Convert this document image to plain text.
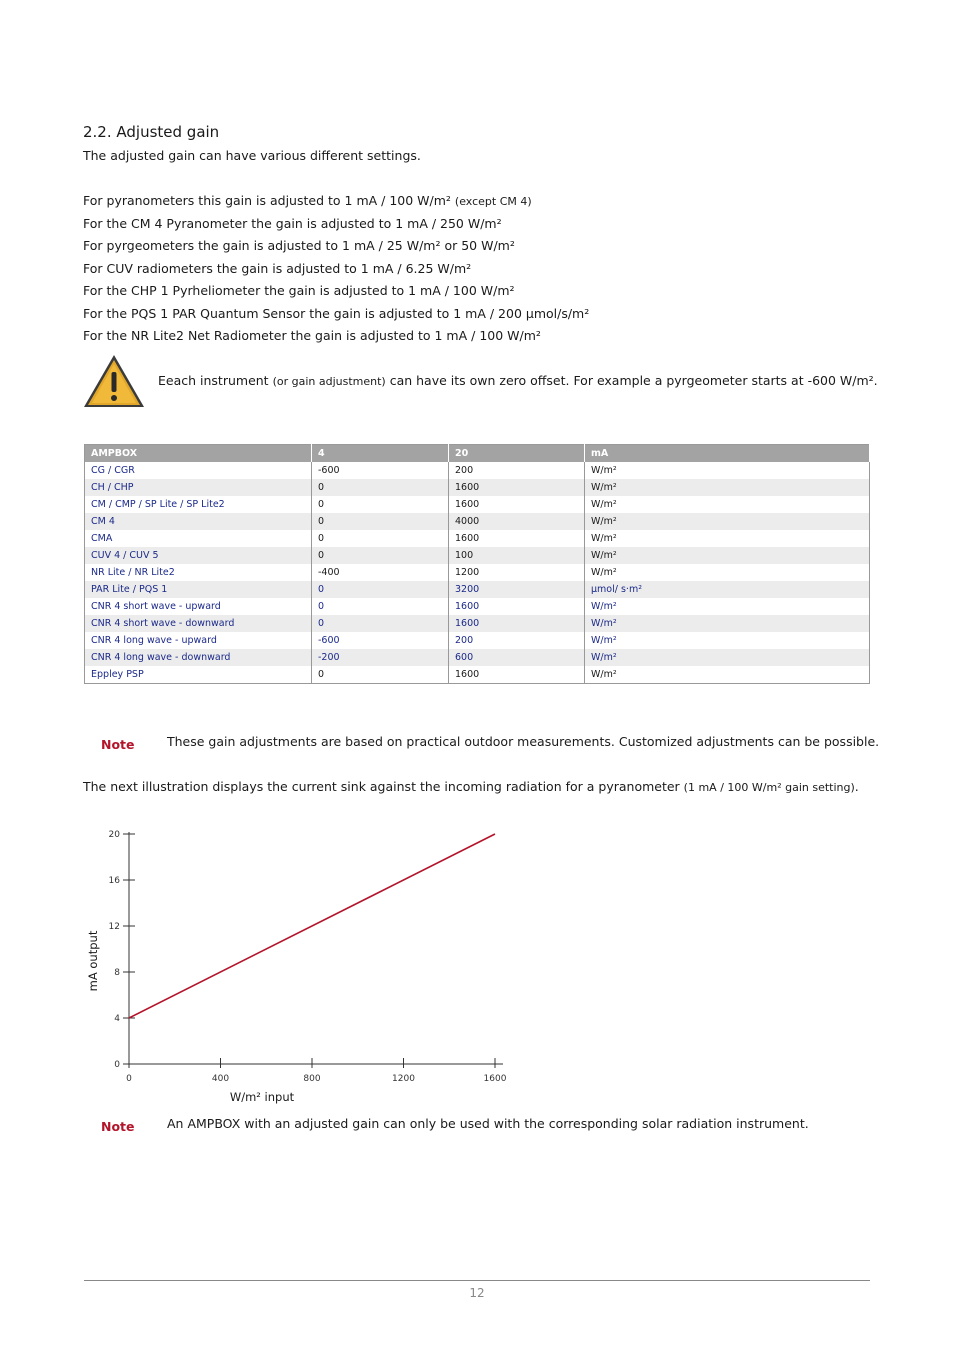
2.2. Adjusted gain
The adjusted gain can have various different settings.
For pyranometers this gain is adjusted to 1 mA / 100 W/m² (except CM 4)
For the CM 4 Pyranometer the gain is adjusted to 1 mA / 250 W/m²
For pyrgeometers the gain is adjusted to 1 mA / 25 W/m² or 50 W/m²
For CUV radiometers the gain is adjusted to 1 mA / 6.25 W/m²
For the CHP 1 Pyrheliometer the gain is adjusted to 1 mA / 100 W/m²
For the PQS 1 PAR Quantum Sensor the gain is adjusted to 1 mA / 200 μmol/s/m²
For the NR Lite2 Net Radiometer the gain is adjusted to 1 mA / 100 W/m²
Eeach instrument (or gain adjustment) can have its own zero offset. For example a pyrgeometer starts at -600 W/m².
AMPBOX	4	20	mA
CG / CGR	-600	200	W/m²
CH / CHP	0	1600	W/m²
CM / CMP / SP Lite / SP Lite2	0	1600	W/m²
CM 4	0	4000	W/m²
CMA	0	1600	W/m²
CUV 4 / CUV 5	0	100	W/m²
NR Lite / NR Lite2	-400	1200	W/m²
PAR Lite / PQS 1	0	3200	μmol/ s·m²
CNR 4 short wave - upward	0	1600	W/m²
CNR 4 short wave - downward	0	1600	W/m²
CNR 4 long wave - upward	-600	200	W/m²
CNR 4 long wave - downward	-200	600	W/m²
Eppley PSP	0	1600	W/m²
Note	These gain adjustments are based on practical outdoor measurements. Customized adjustments can be possible.
The next illustration displays the current sink against the incoming radiation for a pyranometer (1 mA / 100 W/m² gain setting).
0	400	800	1200	1600
0
4
8
12
16
20
W/m² input
mA output
Note	An AMPBOX with an adjusted gain can only be used with the corresponding solar radiation instrument.
12
